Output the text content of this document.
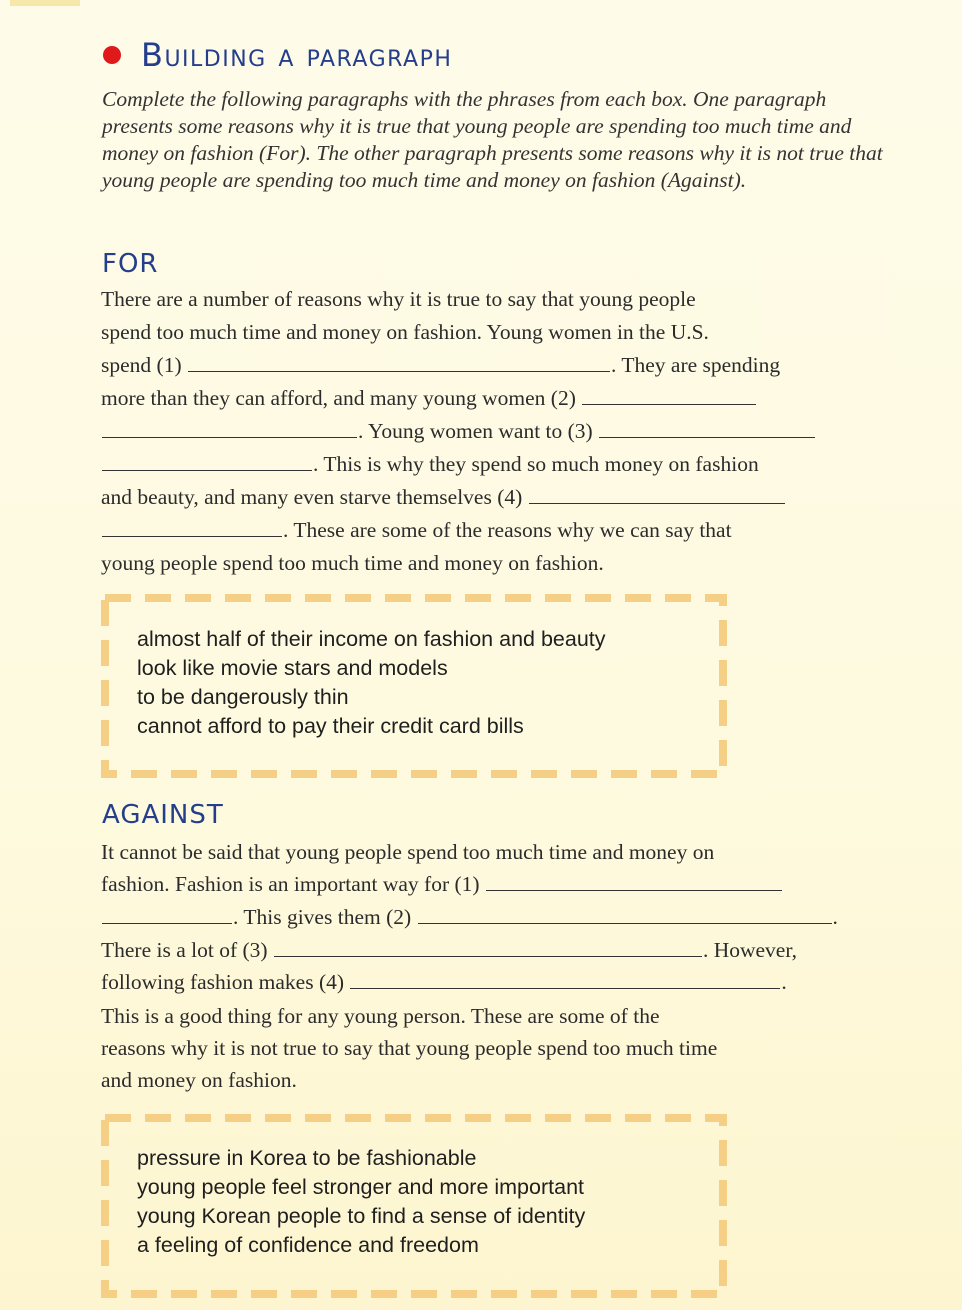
Building a paragraph

Complete the following paragraphs with the phrases from each box. One paragraph presents some reasons why it is true that young people are spending too much time and money on fashion (For). The other paragraph presents some reasons why it is not true that young people are spending too much time and money on fashion (Against).

FOR
There are a number of reasons why it is true to say that young people
spend too much time and money on fashion. Young women in the U.S.
spend (1)	. They are spending
more than they can afford, and many young women (2)
. Young women want to (3)
. This is why they spend so much money on fashion
and beauty, and many even starve themselves (4)
. These are some of the reasons why we can say that
young people spend too much time and money on fashion.
almost half of their income on fashion and beauty
look like movie stars and models
to be dangerously thin
cannot afford to pay their credit card bills
AGAINST
It cannot be said that young people spend too much time and money on
fashion. Fashion is an important way for (1)
. This gives them (2)	.
There is a lot of (3)	. However,
following fashion makes (4)	.
This is a good thing for any young person. These are some of the
reasons why it is not true to say that young people spend too much time
and money on fashion.
pressure in Korea to be fashionable
young people feel stronger and more important
young Korean people to find a sense of identity
a feeling of confidence and freedom
